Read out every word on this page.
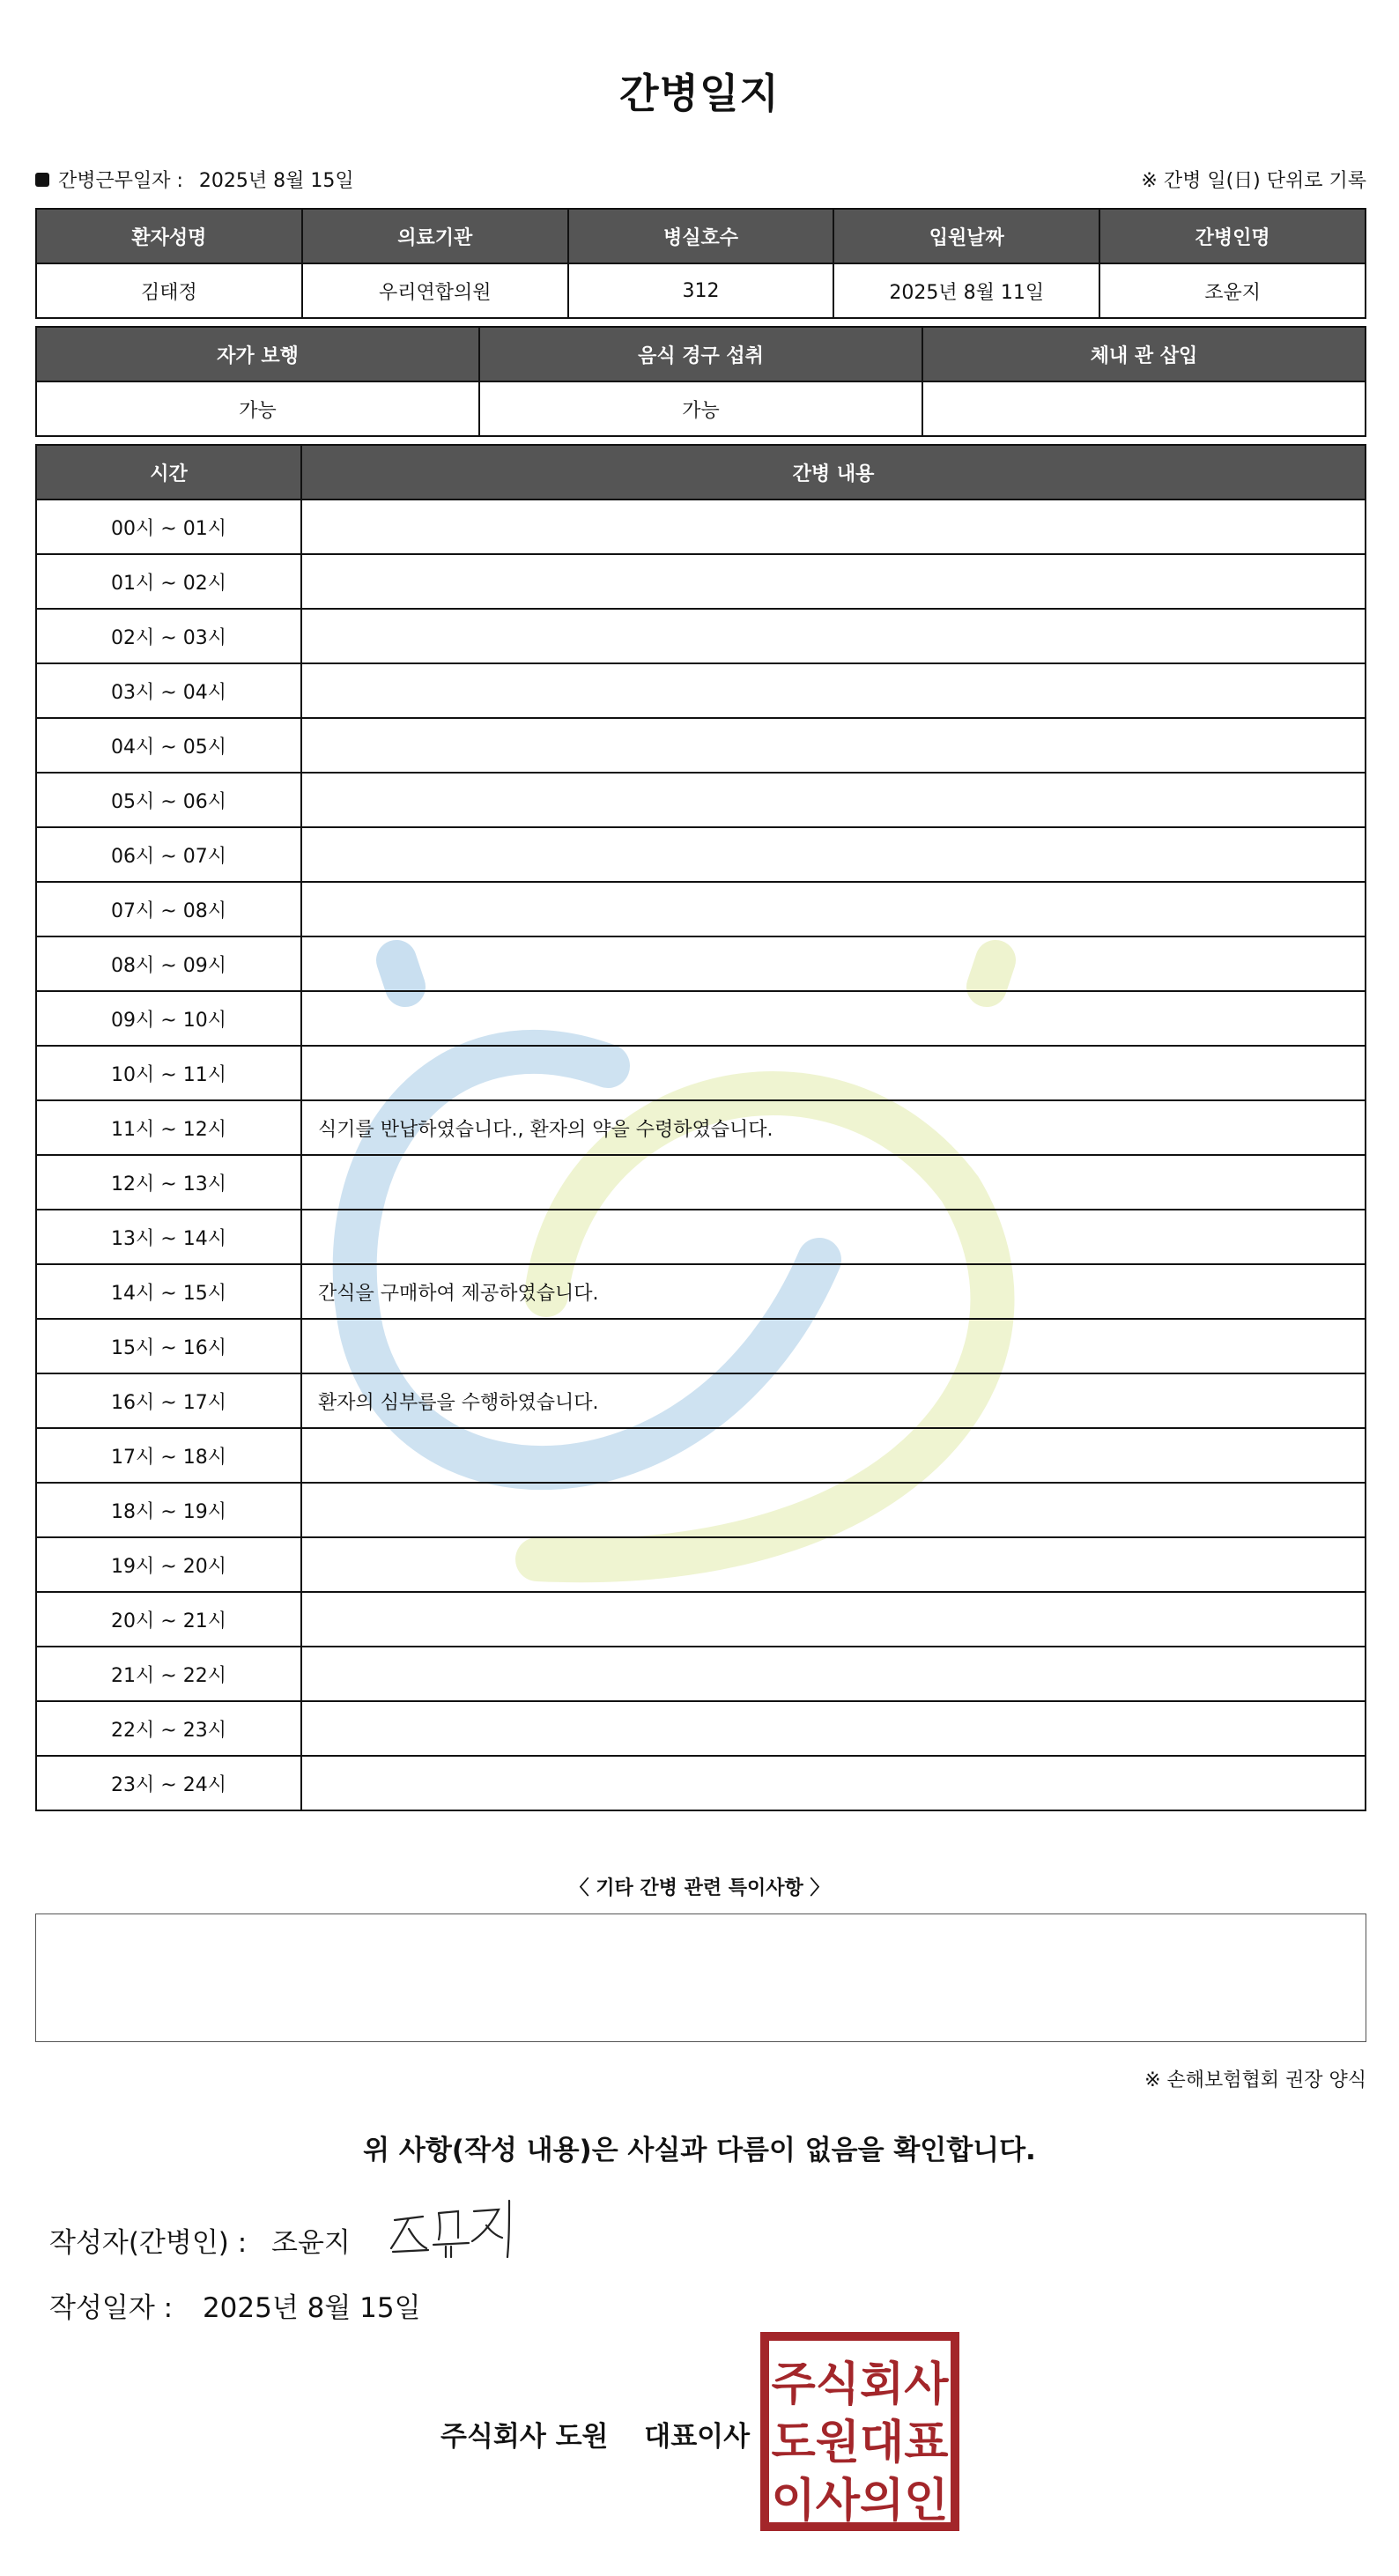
간병일지
간병근무일자 : 2025년 8월 15일	※ 간병 일(日) 단위로 기록
환자성명	의료기관	병실호수	입원날짜	간병인명
김태정	우리연합의원	312	2025년 8월 11일	조윤지
자가 보행	음식 경구 섭취	체내 관 삽입
가능	가능	
시간	간병 내용
00시 ~ 01시	
01시 ~ 02시	
02시 ~ 03시	
03시 ~ 04시	
04시 ~ 05시	
05시 ~ 06시	
06시 ~ 07시	
07시 ~ 08시	
08시 ~ 09시	
09시 ~ 10시	
10시 ~ 11시	
11시 ~ 12시	식기를 반납하였습니다., 환자의 약을 수령하였습니다.
12시 ~ 13시	
13시 ~ 14시	
14시 ~ 15시	간식을 구매하여 제공하였습니다.
15시 ~ 16시	
16시 ~ 17시	환자의 심부름을 수행하였습니다.
17시 ~ 18시	
18시 ~ 19시	
19시 ~ 20시	
20시 ~ 21시	
21시 ~ 22시	
22시 ~ 23시	
23시 ~ 24시	
〈 기타 간병 관련 특이사항 〉
※ 손해보험협회 권장 양식
위 사항(작성 내용)은 사실과 다름이 없음을 확인합니다.
작성자(간병인) : 조윤지
작성일자 : 2025년 8월 15일
주식회사 도원 대표이사
주식회사
도원대표
이사의인
